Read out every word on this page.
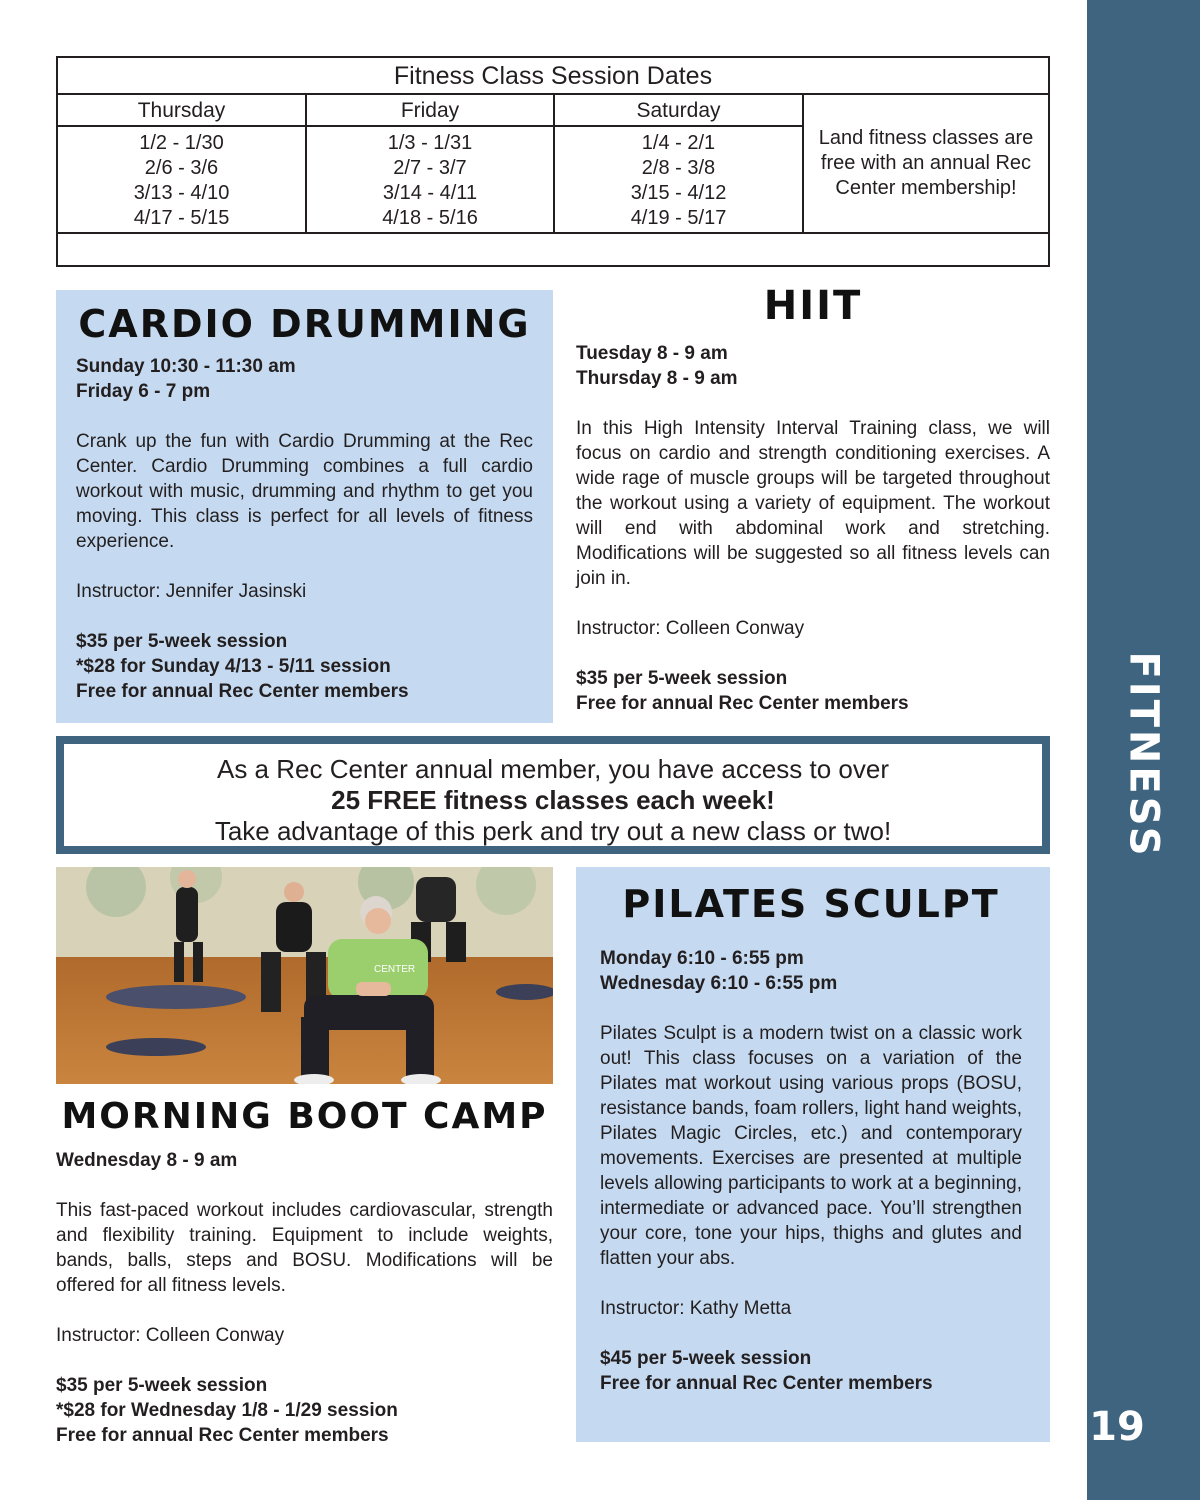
FITNESS
19
Fitness Class Session Dates
Thursday	Friday	Saturday
1/2 - 1/30
2/6 - 3/6
3/13 - 4/10
4/17 - 5/15
1/3 - 1/31
2/7 - 3/7
3/14 - 4/11
4/18 - 5/16
1/4 - 2/1
2/8 - 3/8
3/15 - 4/12
4/19 - 5/17
Land fitness classes are free with an annual Rec Center membership!
CARDIO DRUMMING
Sunday 10:30 - 11:30 am
Friday 6 - 7 pm
Crank up the fun with Cardio Drumming at the Rec Center. Cardio Drumming combines a full cardio workout with music, drumming and rhythm to get you moving. This class is perfect for all levels of fitness experience.
Instructor: Jennifer Jasinski
$35 per 5-week session
*$28 for Sunday 4/13 - 5/11 session
Free for annual Rec Center members
HIIT
Tuesday 8 - 9 am
Thursday 8 - 9 am
In this High Intensity Interval Training class, we will focus on cardio and strength conditioning exercises. A wide rage of muscle groups will be targeted throughout the workout using a variety of equipment. The workout will end with abdominal work and stretching. Modifications will be suggested so all fitness levels can join in.
Instructor: Colleen Conway
$35 per 5-week session
Free for annual Rec Center members
As a Rec Center annual member, you have access to over
25 FREE fitness classes each week!
Take advantage of this perk and try out a new class or two!
CENTER
MORNING BOOT CAMP
Wednesday 8 - 9 am
This fast-paced workout includes cardiovascular, strength and flexibility training. Equipment to include weights, bands, balls, steps and BOSU. Modifications will be offered for all fitness levels.
Instructor: Colleen Conway
$35 per 5-week session
*$28 for Wednesday 1/8 - 1/29 session
Free for annual Rec Center members
PILATES SCULPT
Monday 6:10 - 6:55 pm
Wednesday 6:10 - 6:55 pm
Pilates Sculpt is a modern twist on a classic work out! This class focuses on a variation of the Pilates mat workout using various props (BOSU, resistance bands, foam rollers, light hand weights, Pilates Magic Circles, etc.) and contemporary movements. Exercises are presented at multiple levels allowing participants to work at a beginning, intermediate or advanced pace. You’ll strengthen your core, tone your hips, thighs and glutes and flatten your abs.
Instructor: Kathy Metta
$45 per 5-week session
Free for annual Rec Center members
